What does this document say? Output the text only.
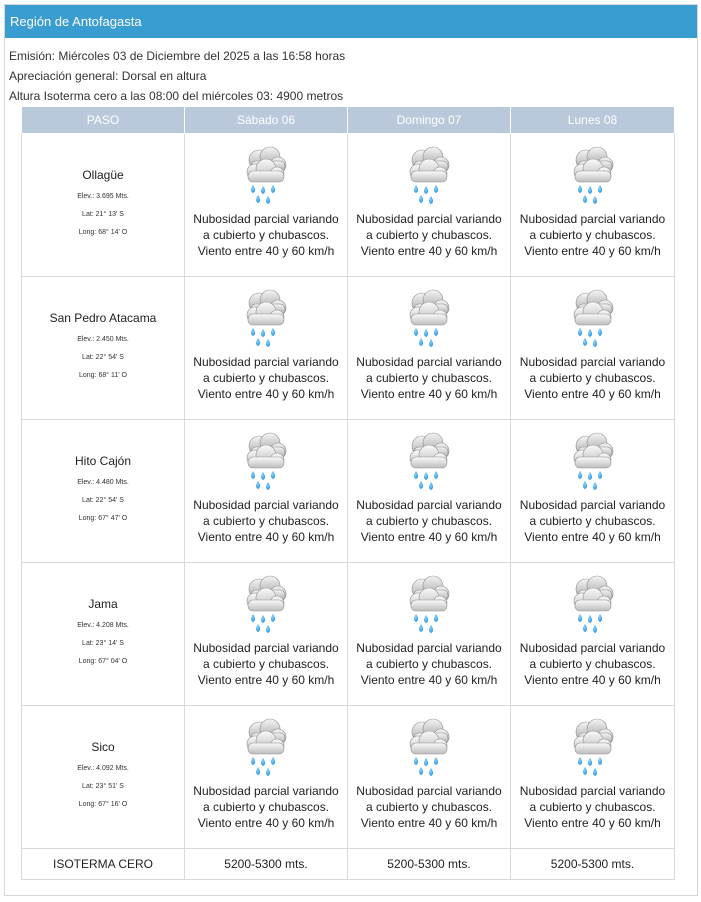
Región de Antofagasta
Emisión: Miércoles 03 de Diciembre del 2025 a las 16:58 horas
Apreciación general: Dorsal en altura
Altura Isoterma cero a las 08:00 del miércoles 03: 4900 metros
PASO	Sábado 06	Domingo 07	Lunes 08

Ollagüe
Elev.: 3.695 Mts.
Lat: 21° 13' S
Long: 68° 14' O	Nubosidad parcial variando a cubierto y chubascos. Viento entre 40 y 60 km/h	Nubosidad parcial variando a cubierto y chubascos. Viento entre 40 y 60 km/h	Nubosidad parcial variando a cubierto y chubascos. Viento entre 40 y 60 km/h

San Pedro Atacama
Elev.: 2.450 Mts.
Lat: 22° 54' S
Long: 68° 11' O	Nubosidad parcial variando a cubierto y chubascos. Viento entre 40 y 60 km/h	Nubosidad parcial variando a cubierto y chubascos. Viento entre 40 y 60 km/h	Nubosidad parcial variando a cubierto y chubascos. Viento entre 40 y 60 km/h

Hito Cajón
Elev.: 4.480 Mts.
Lat: 22° 54' S
Long: 67° 47' O	Nubosidad parcial variando a cubierto y chubascos. Viento entre 40 y 60 km/h	Nubosidad parcial variando a cubierto y chubascos. Viento entre 40 y 60 km/h	Nubosidad parcial variando a cubierto y chubascos. Viento entre 40 y 60 km/h

Jama
Elev.: 4.208 Mts.
Lat: 23° 14' S
Long: 67° 04' O	Nubosidad parcial variando a cubierto y chubascos. Viento entre 40 y 60 km/h	Nubosidad parcial variando a cubierto y chubascos. Viento entre 40 y 60 km/h	Nubosidad parcial variando a cubierto y chubascos. Viento entre 40 y 60 km/h

Sico
Elev.: 4.092 Mts.
Lat: 23° 51' S
Long: 67° 16' O	Nubosidad parcial variando a cubierto y chubascos. Viento entre 40 y 60 km/h	Nubosidad parcial variando a cubierto y chubascos. Viento entre 40 y 60 km/h	Nubosidad parcial variando a cubierto y chubascos. Viento entre 40 y 60 km/h

ISOTERMA CERO	5200-5300 mts.	5200-5300 mts.	5200-5300 mts.
